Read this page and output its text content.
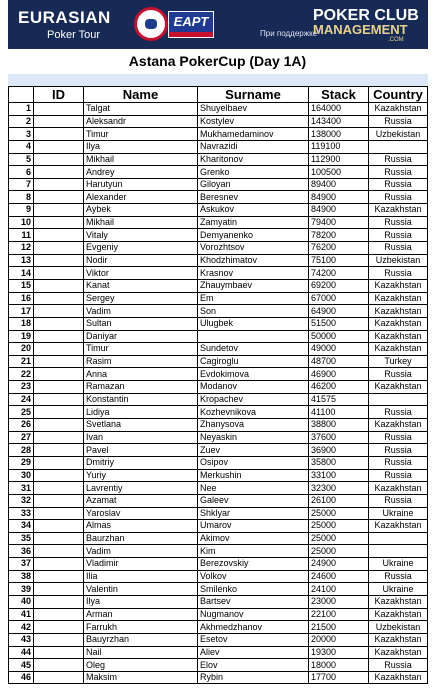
EURASIAN
Poker Tour
EAPT
При поддержке
POKER CLUB
MANAGEMENT
.COM
Astana PokerCup (Day 1A)
	ID	Name	Surname	Stack	Country
1		Talgat	Shuyelbaev	164000	Kazakhstan
2		Aleksandr	Kostylev	143400	Russia
3		Timur	Mukhamedaminov	138000	Uzbekistan
4		Ilya	Navrazidi	119100	
5		Mikhail	Kharitonov	112900	Russia
6		Andrey	Grenko	100500	Russia
7		Harutyun	Giloyan	89400	Russia
8		Alexander	Beresnev	84900	Russia
9		Aybek	Askukov	84900	Kazakhstan
10		Mikhail	Zamyatin	79400	Russia
11		Vitaly	Demyanenko	78200	Russia
12		Evgeniy	Vorozhtsov	76200	Russia
13		Nodir	Khodzhimatov	75100	Uzbekistan
14		Viktor	Krasnov	74200	Russia
15		Kanat	Zhauymbaev	69200	Kazakhstan
16		Sergey	Em	67000	Kazakhstan
17		Vadim	Son	64900	Kazakhstan
18		Sultan	Ulugbek	51500	Kazakhstan
19		Daniyar		50000	Kazakhstan
20		Timur	Sundetov	49000	Kazakhstan
21		Rasim	Cagiroglu	48700	Turkey
22		Anna	Evdokimova	46900	Russia
23		Ramazan	Modanov	46200	Kazakhstan
24		Konstantin	Kropachev	41575	
25		Lidiya	Kozhevnikova	41100	Russia
26		Svetlana	Zhanysova	38800	Kazakhstan
27		Ivan	Neyaskin	37600	Russia
28		Pavel	Zuev	36900	Russia
29		Dmitriy	Osipov	35800	Russia
30		Yuriy	Merkushin	33100	Russia
31		Lavrentiy	Nee	32300	Kazakhstan
32		Azamat	Galeev	26100	Russia
33		Yaroslav	Shklyar	25000	Ukraine
34		Almas	Umarov	25000	Kazakhstan
35		Baurzhan	Akimov	25000	
36		Vadim	Kim	25000	
37		Vladimir	Berezovskiy	24900	Ukraine
38		Ilia	Volkov	24600	Russia
39		Valentin	Smilenko	24100	Ukraine
40		Ilya	Bartsev	23000	Kazakhstan
41		Arman	Nugmanov	22100	Kazakhstan
42		Farrukh	Akhmedzhanov	21500	Uzbekistan
43		Bauyrzhan	Esetov	20000	Kazakhstan
44		Nail	Aliev	19300	Kazakhstan
45		Oleg	Elov	18000	Russia
46		Maksim	Rybin	17700	Kazakhstan
